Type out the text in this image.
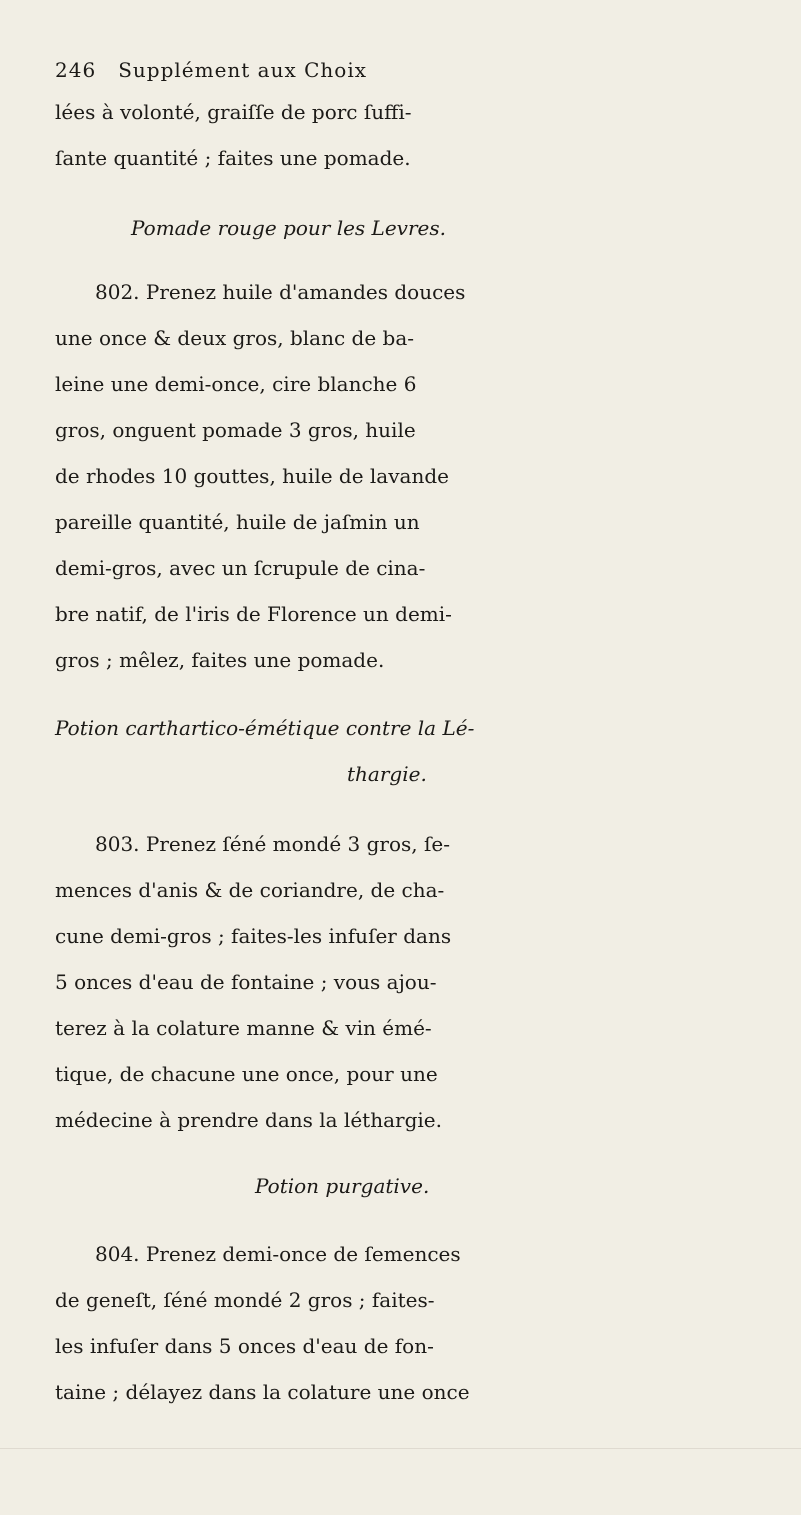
246 Supplément aux Choix
lées à volonté, graiſſe de porc ſuffi-
ſante quantité ; faites une pomade.
Pomade rouge pour les Levres.
802. Prenez huile d'amandes douces
une once & deux gros, blanc de ba-
leine une demi-once, cire blanche 6
gros, onguent pomade 3 gros, huile
de rhodes 10 gouttes, huile de lavande
pareille quantité, huile de jaſmin un
demi-gros, avec un ſcrupule de cina-
bre natif, de l'iris de Florence un demi-
gros ; mêlez, faites une pomade.
Potion carthartico-émétique contre la Lé-
thargie.
803. Prenez ſéné mondé 3 gros, ſe-
mences d'anis & de coriandre, de cha-
cune demi-gros ; faites-les infuſer dans
5 onces d'eau de fontaine ; vous ajou-
terez à la colature manne & vin émé-
tique, de chacune une once, pour une
médecine à prendre dans la léthargie.
Potion purgative.
804. Prenez demi-once de ſemences
de geneſt, ſéné mondé 2 gros ; faites-
les infuſer dans 5 onces d'eau de fon-
taine ; délayez dans la colature une once
